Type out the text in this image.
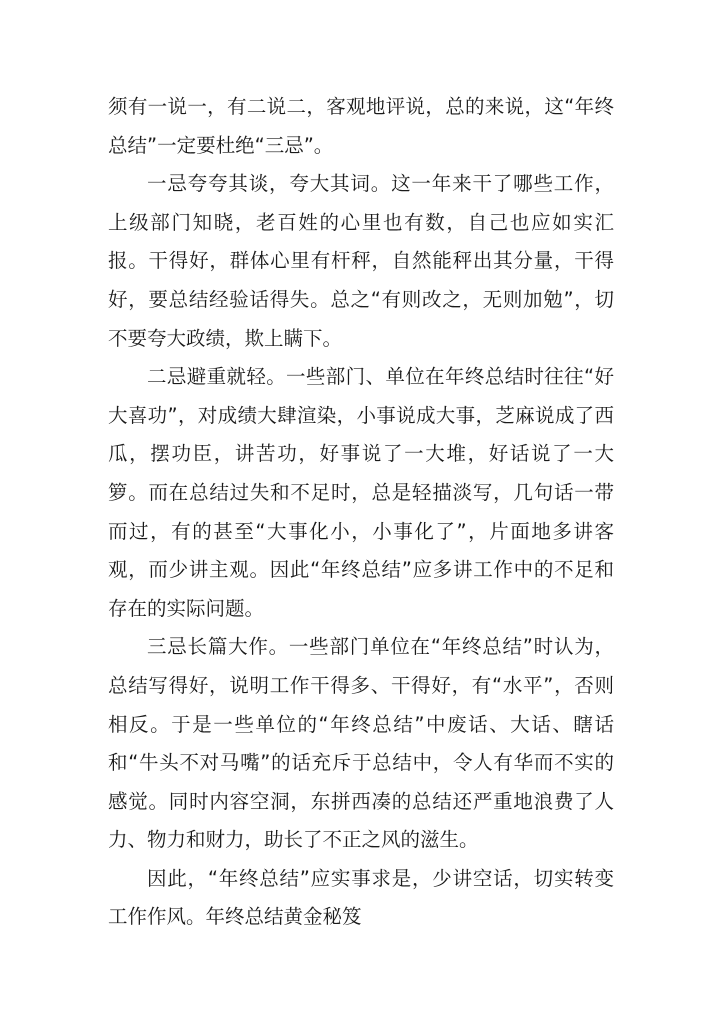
须有一说一，有二说二，客观地评说，总的来说，这“年终总结”一定要杜绝“三忌”。

一忌夸夸其谈，夸大其词。这一年来干了哪些工作，上级部门知晓，老百姓的心里也有数，自己也应如实汇报。干得好，群体心里有杆秤，自然能秤出其分量，干得好，要总结经验话得失。总之“有则改之，无则加勉”，切不要夸大政绩，欺上瞒下。

二忌避重就轻。一些部门、单位在年终总结时往往“好大喜功”，对成绩大肆渲染，小事说成大事，芝麻说成了西瓜，摆功臣，讲苦功，好事说了一大堆，好话说了一大箩。而在总结过失和不足时，总是轻描淡写，几句话一带而过，有的甚至“大事化小，小事化了”，片面地多讲客观，而少讲主观。因此“年终总结”应多讲工作中的不足和存在的实际问题。

三忌长篇大作。一些部门单位在“年终总结”时认为，总结写得好，说明工作干得多、干得好，有“水平”，否则相反。于是一些单位的“年终总结”中废话、大话、瞎话和“牛头不对马嘴”的话充斥于总结中，令人有华而不实的感觉。同时内容空洞，东拼西凑的总结还严重地浪费了人力、物力和财力，助长了不正之风的滋生。

因此，“年终总结”应实事求是，少讲空话，切实转变工作作风。年终总结黄金秘笈
